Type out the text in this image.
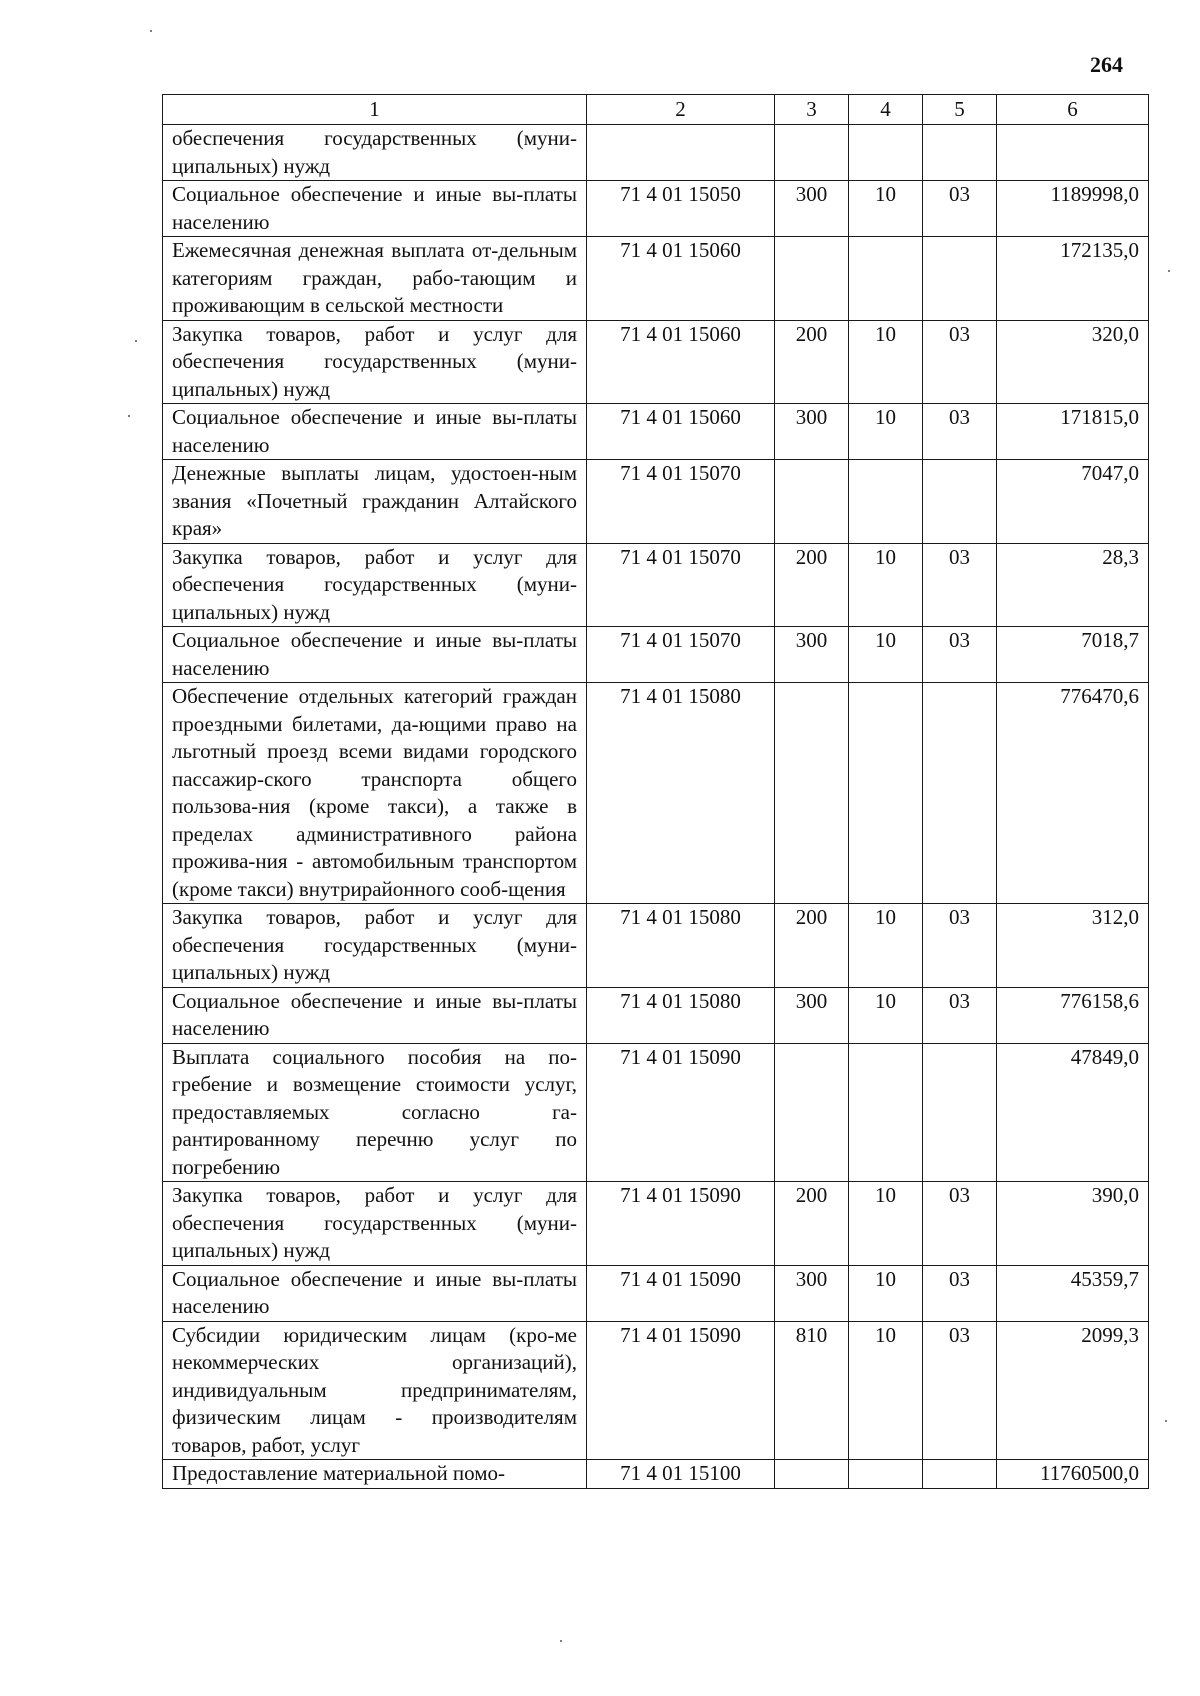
264
1	2	3	4	5	6
обеспечения государственных (муни-ципальных) нужд					
Социальное обеспечение и иные вы-платы населению	71 4 01 15050	300	10	03	1189998,0
Ежемесячная денежная выплата от-дельным категориям граждан, рабо-тающим и проживающим в сельской местности	71 4 01 15060				172135,0
Закупка товаров, работ и услуг для обеспечения государственных (муни-ципальных) нужд	71 4 01 15060	200	10	03	320,0
Социальное обеспечение и иные вы-платы населению	71 4 01 15060	300	10	03	171815,0
Денежные выплаты лицам, удостоен-ным звания «Почетный гражданин Алтайского края»	71 4 01 15070				7047,0
Закупка товаров, работ и услуг для обеспечения государственных (муни-ципальных) нужд	71 4 01 15070	200	10	03	28,3
Социальное обеспечение и иные вы-платы населению	71 4 01 15070	300	10	03	7018,7
Обеспечение отдельных категорий граждан проездными билетами, да-ющими право на льготный проезд всеми видами городского пассажир-ского транспорта общего пользова-ния (кроме такси), а также в пределах административного района прожива-ния - автомобильным транспортом (кроме такси) внутрирайонного сооб-щения	71 4 01 15080				776470,6
Закупка товаров, работ и услуг для обеспечения государственных (муни-ципальных) нужд	71 4 01 15080	200	10	03	312,0
Социальное обеспечение и иные вы-платы населению	71 4 01 15080	300	10	03	776158,6
Выплата социального пособия на по-гребение и возмещение стоимости услуг, предоставляемых согласно га-рантированному перечню услуг по погребению	71 4 01 15090				47849,0
Закупка товаров, работ и услуг для обеспечения государственных (муни-ципальных) нужд	71 4 01 15090	200	10	03	390,0
Социальное обеспечение и иные вы-платы населению	71 4 01 15090	300	10	03	45359,7
Субсидии юридическим лицам (кро-ме некоммерческих организаций), индивидуальным предпринимателям, физическим лицам - производителям товаров, работ, услуг	71 4 01 15090	810	10	03	2099,3
Предоставление материальной помо-	71 4 01 15100				11760500,0
